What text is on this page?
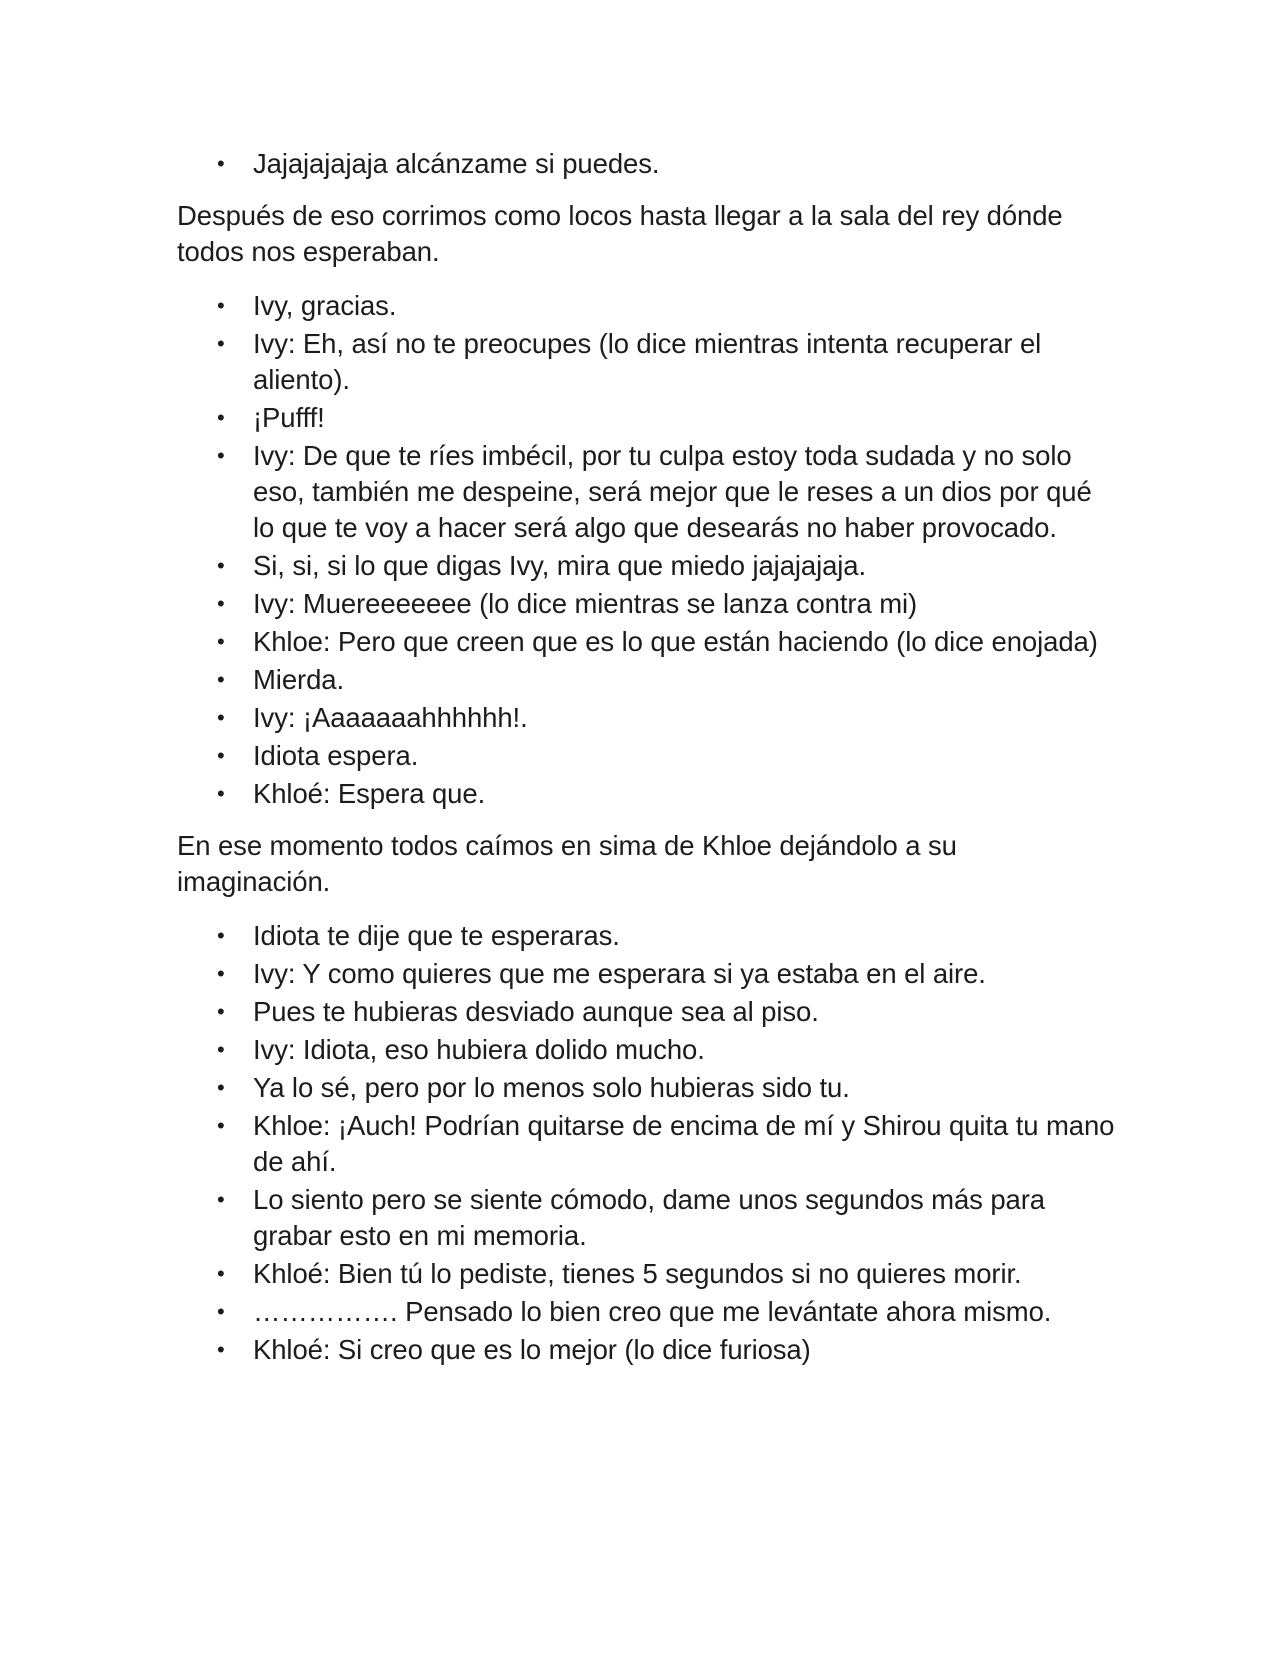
• Jajajajajaja alcánzame si puedes.

Después de eso corrimos como locos hasta llegar a la sala del rey dónde todos nos esperaban.

• Ivy, gracias.
• Ivy: Eh, así no te preocupes (lo dice mientras intenta recuperar el aliento).
• ¡Pufff!
• Ivy: De que te ríes imbécil, por tu culpa estoy toda sudada y no solo eso, también me despeine, será mejor que le reses a un dios por qué lo que te voy a hacer será algo que desearás no haber provocado.
• Si, si, si lo que digas Ivy, mira que miedo jajajajaja.
• Ivy: Muereeeeeee (lo dice mientras se lanza contra mi)
• Khloe: Pero que creen que es lo que están haciendo (lo dice enojada)
• Mierda.
• Ivy: ¡Aaaaaaahhhhhh!.
• Idiota espera.
• Khloé: Espera que.

En ese momento todos caímos en sima de Khloe dejándolo a su imaginación.

• Idiota te dije que te esperaras.
• Ivy: Y como quieres que me esperara si ya estaba en el aire.
• Pues te hubieras desviado aunque sea al piso.
• Ivy: Idiota, eso hubiera dolido mucho.
• Ya lo sé, pero por lo menos solo hubieras sido tu.
• Khloe: ¡Auch! Podrían quitarse de encima de mí y Shirou quita tu mano de ahí.
• Lo siento pero se siente cómodo, dame unos segundos más para grabar esto en mi memoria.
• Khloé: Bien tú lo pediste, tienes 5 segundos si no quieres morir.
• ……………. Pensado lo bien creo que me levántate ahora mismo.
• Khloé: Si creo que es lo mejor (lo dice furiosa)
